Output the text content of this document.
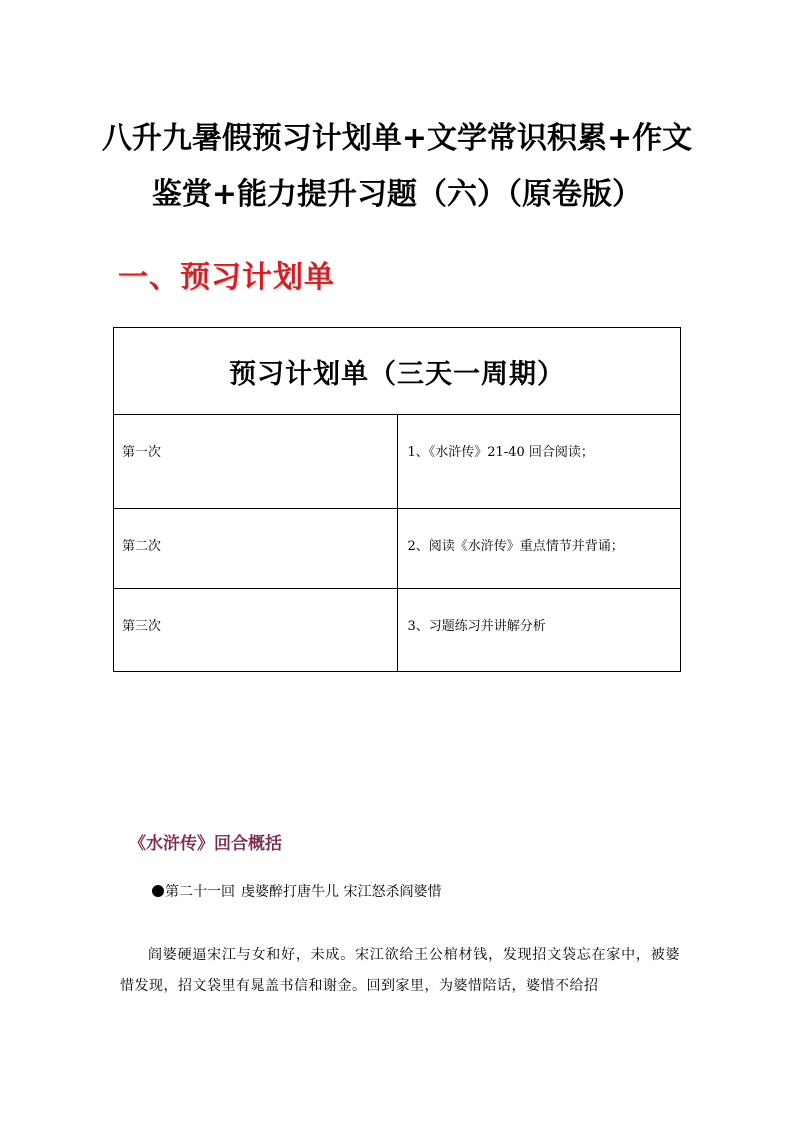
八升九暑假预习计划单+文学常识积累+作文
鉴赏+能力提升习题（六）（原卷版）
一、预习计划单
预习计划单（三天一周期）	
第一次	1、《水浒传》21-40 回合阅读；
第二次	2、阅读《水浒传》重点情节并背诵；
第三次	3、习题练习并讲解分析
《水浒传》回合概括

第二十一回 虔婆醉打唐牛儿 宋江怒杀阎婆惜

阎婆硬逼宋江与女和好，未成。宋江欲给王公棺材钱，发现招文袋忘在家中，被婆惜发现，招文袋里有晁盖书信和谢金。回到家里，为婆惜陪话，婆惜不给招
